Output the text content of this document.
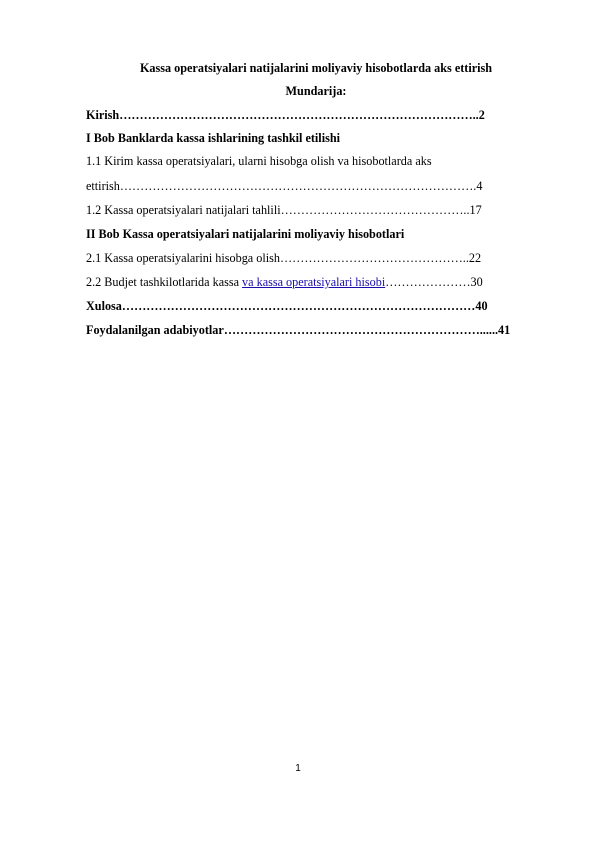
Kassa operatsiyalari natijalarini moliyaviy hisobotlarda aks ettirish
Mundarija:
Kirish……………………………………………………………………………..2
I Bob Banklarda kassa ishlarining tashkil etilishi
1.1 Kirim kassa operatsiyalari, ularni hisobga olish va hisobotlarda aks
ettirish…………………………………………………………………………….4
1.2 Kassa operatsiyalari natijalari tahlili………………………………………..17
II Bob Kassa operatsiyalari natijalarini moliyaviy hisobotlari
2.1 Kassa operatsiyalarini hisobga olish………………………………………..22
2.2 Budjet tashkilotlarida kassa va kassa operatsiyalari hisobi…………………30
Xulosa……………………………………………………………………………40
Foydalanilgan adabiyotlar………………………………………………………......41
1
